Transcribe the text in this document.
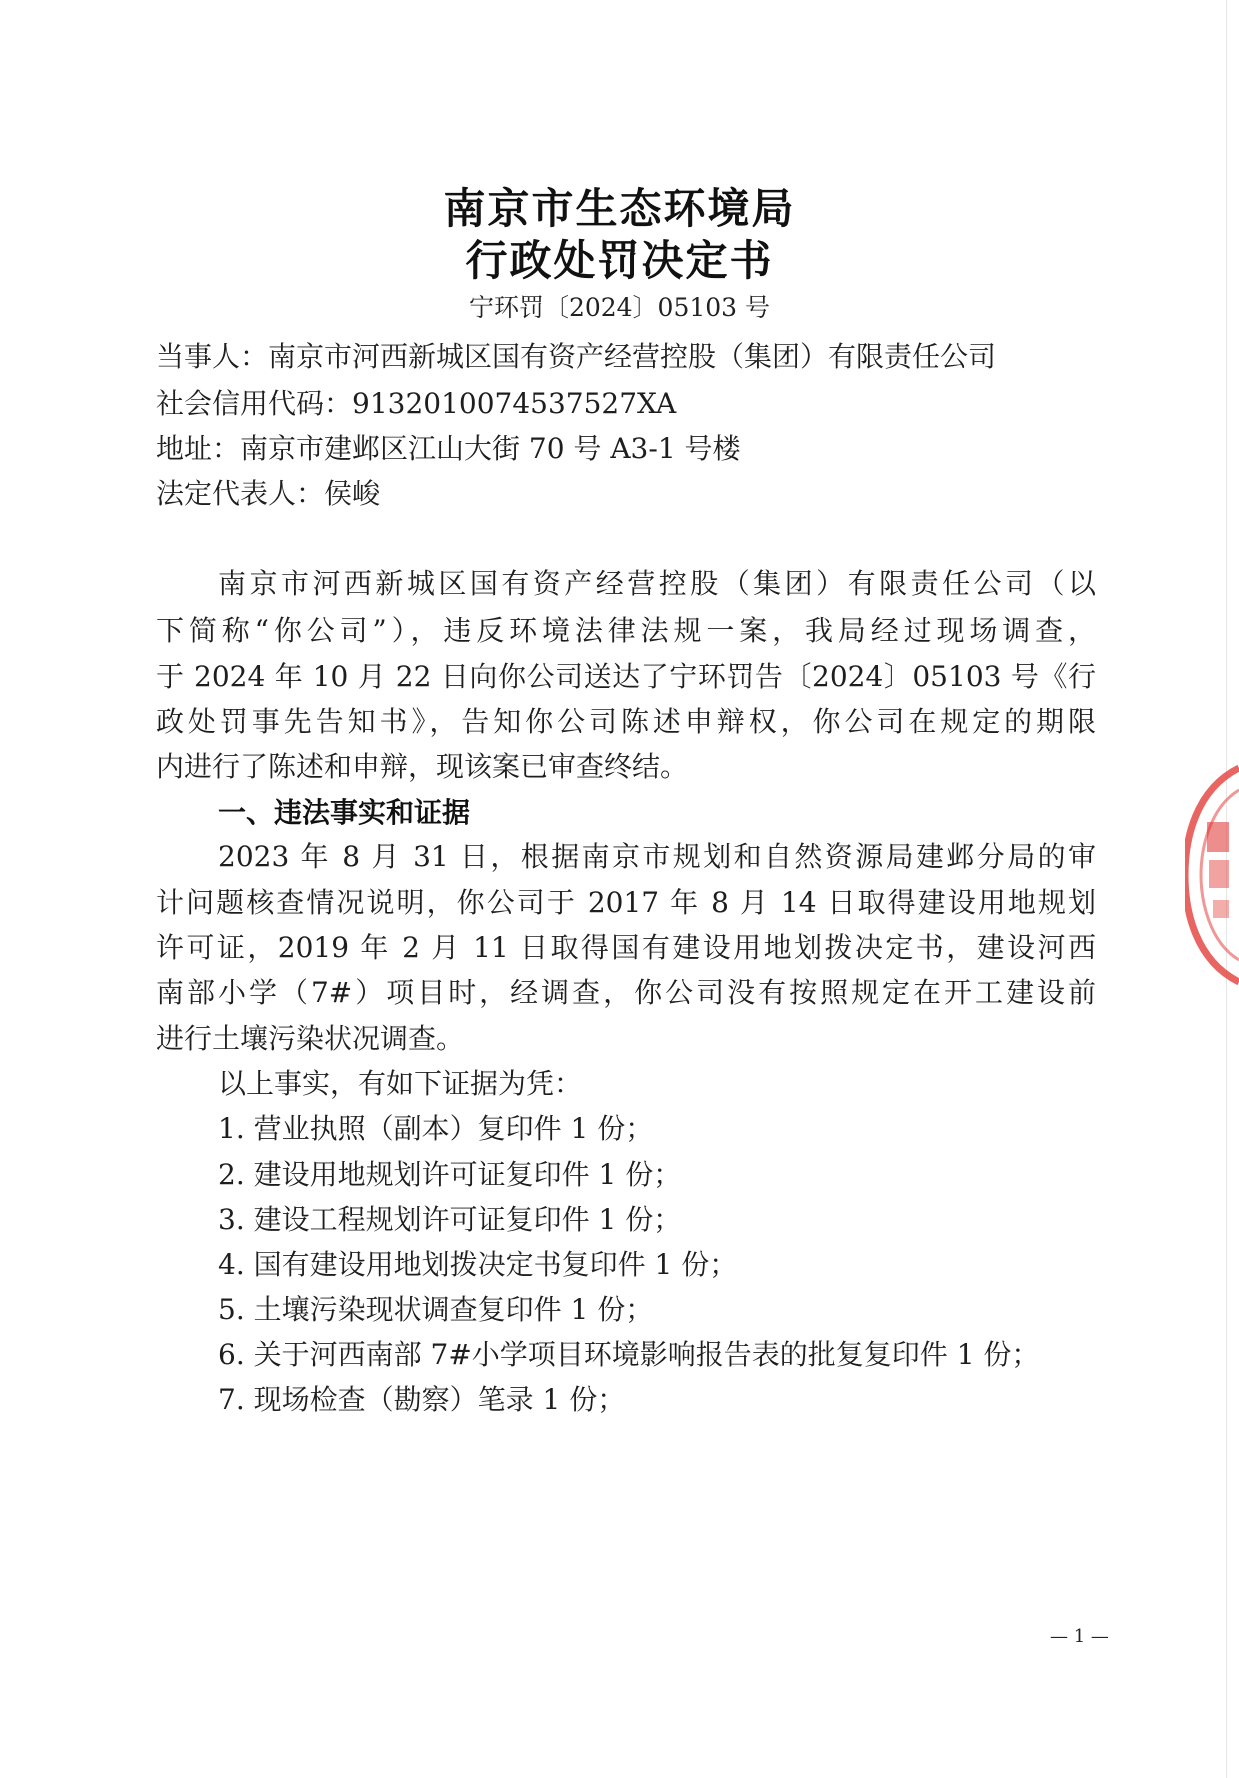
南京市生态环境局
行政处罚决定书
宁环罚〔2024〕05103 号
当事人：南京市河西新城区国有资产经营控股（集团）有限责任公司
社会信用代码：9132010074537527XA
地址：南京市建邺区江山大街 70 号 A3-1 号楼
法定代表人：侯峻
南京市河西新城区国有资产经营控股（集团）有限责任公司（以
下简称“你公司”），违反环境法律法规一案，我局经过现场调查，
于 2024 年 10 月 22 日向你公司送达了宁环罚告〔2024〕05103 号《行
政处罚事先告知书》，告知你公司陈述申辩权，你公司在规定的期限
内进行了陈述和申辩，现该案已审查终结。
一、违法事实和证据
2023 年 8 月 31 日，根据南京市规划和自然资源局建邺分局的审
计问题核查情况说明，你公司于 2017 年 8 月 14 日取得建设用地规划
许可证，2019 年 2 月 11 日取得国有建设用地划拨决定书，建设河西
南部小学（7#）项目时，经调查，你公司没有按照规定在开工建设前
进行土壤污染状况调查。
以上事实，有如下证据为凭：
1. 营业执照（副本）复印件 1 份；
2. 建设用地规划许可证复印件 1 份；
3. 建设工程规划许可证复印件 1 份；
4. 国有建设用地划拨决定书复印件 1 份；
5. 土壤污染现状调查复印件 1 份；
6. 关于河西南部 7#小学项目环境影响报告表的批复复印件 1 份；
7. 现场检查（勘察）笔录 1 份；
— 1 —
